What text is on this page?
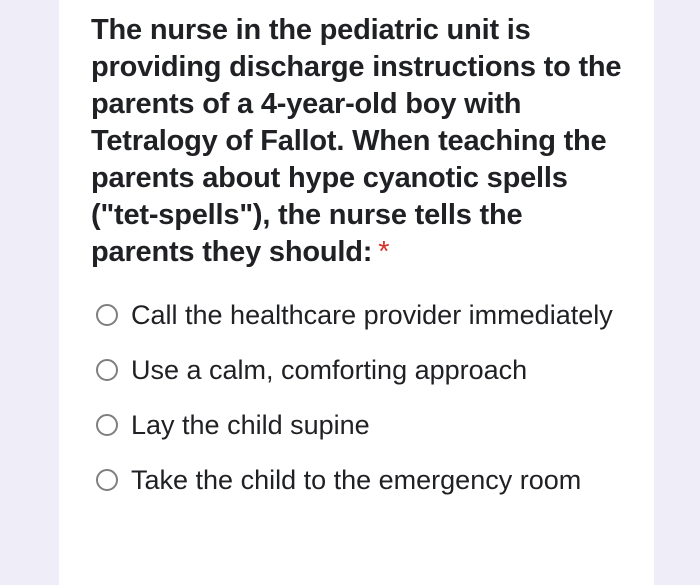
The nurse in the pediatric unit is providing discharge instructions to the parents of a 4-year-old boy with Tetralogy of Fallot. When teaching the parents about hype cyanotic spells ("tet-spells"), the nurse tells the parents they should: *

Call the healthcare provider immediately
Use a calm, comforting approach
Lay the child supine
Take the child to the emergency room
